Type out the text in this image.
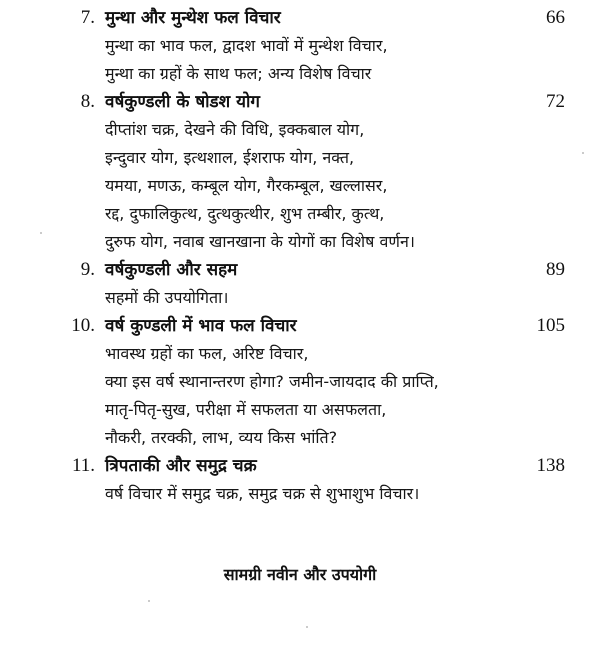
7. मुन्था और मुन्थेश फल विचार	66
मुन्था का भाव फल, द्वादश भावों में मुन्थेश विचार,
मुन्था का ग्रहों के साथ फल; अन्य विशेष विचार
8. वर्षकुण्डली के षोडश योग	72
दीप्तांश चक्र, देखने की विधि, इक्कबाल योग,
इन्दुवार योग, इत्थशाल, ईशराफ योग, नक्त,
यमया, मणऊ, कम्बूल योग, गैरकम्बूल, खल्लासर,
रद्द, दुफालिकुत्थ, दुत्थकुत्थीर, शुभ तम्बीर, कुत्थ,
दुरुफ योग, नवाब खानखाना के योगों का विशेष वर्णन।
9. वर्षकुण्डली और सहम	89
सहमों की उपयोगिता।
10. वर्ष कुण्डली में भाव फल विचार	105
भावस्थ ग्रहों का फल, अरिष्ट विचार,
क्या इस वर्ष स्थानान्तरण होगा? जमीन-जायदाद की प्राप्ति,
मातृ-पितृ-सुख, परीक्षा में सफलता या असफलता,
नौकरी, तरक्की, लाभ, व्यय किस भांति?
11. त्रिपताकी और समुद्र चक्र	138
वर्ष विचार में समुद्र चक्र, समुद्र चक्र से शुभाशुभ विचार।
सामग्री नवीन और उपयोगी
